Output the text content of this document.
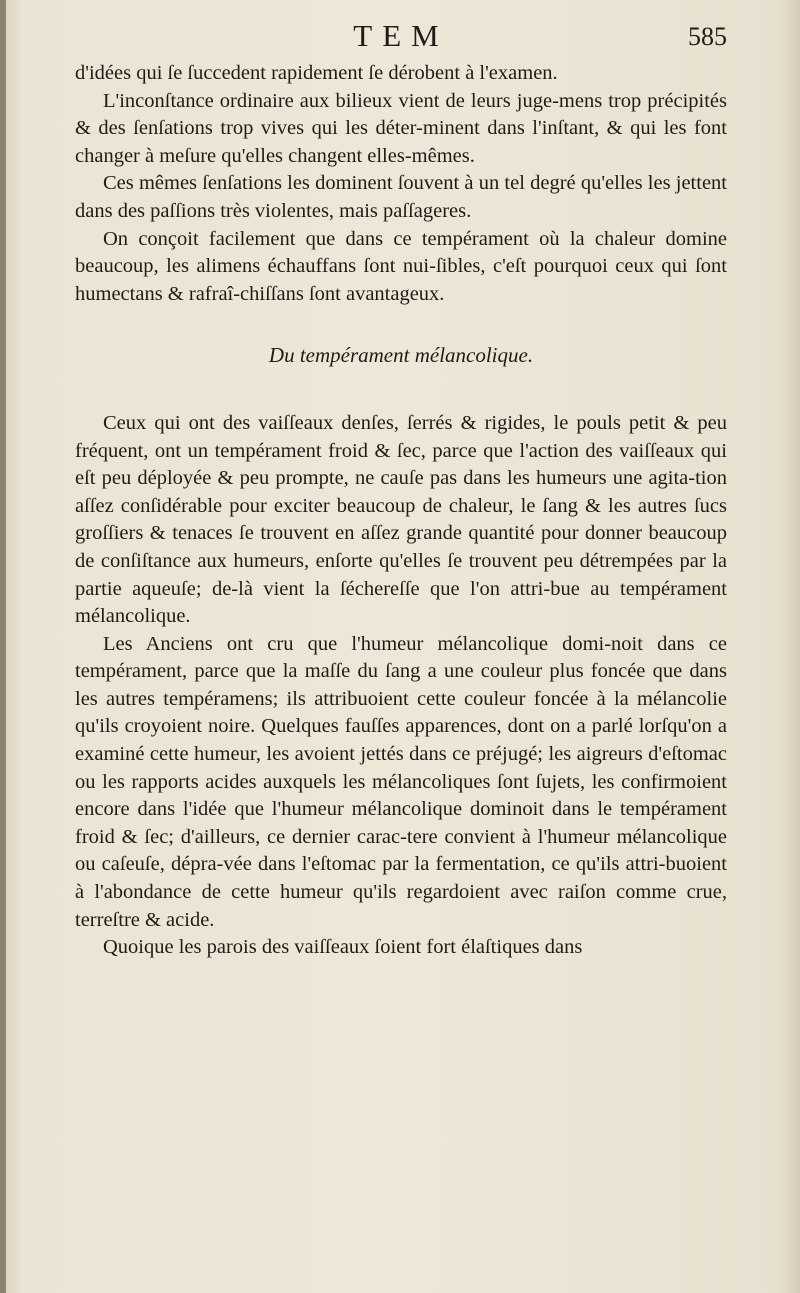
TEM	585

d'idées qui ſe ſuccedent rapidement ſe dérobent à l'examen.

L'inconſtance ordinaire aux bilieux vient de leurs juge-mens trop précipités & des ſenſations trop vives qui les déter-minent dans l'inſtant, & qui les font changer à meſure qu'elles changent elles-mêmes.

Ces mêmes ſenſations les dominent ſouvent à un tel degré qu'elles les jettent dans des paſſions très violentes, mais paſſageres.

On conçoit facilement que dans ce tempérament où la chaleur domine beaucoup, les alimens échauffans ſont nui-ſibles, c'eſt pourquoi ceux qui ſont humectans & rafraî-chiſſans ſont avantageux.

Du tempérament mélancolique.

Ceux qui ont des vaiſſeaux denſes, ſerrés & rigides, le pouls petit & peu fréquent, ont un tempérament froid & ſec, parce que l'action des vaiſſeaux qui eſt peu déployée & peu prompte, ne cauſe pas dans les humeurs une agita-tion aſſez conſidérable pour exciter beaucoup de chaleur, le ſang & les autres ſucs groſſiers & tenaces ſe trouvent en aſſez grande quantité pour donner beaucoup de conſiſtance aux humeurs, enſorte qu'elles ſe trouvent peu détrempées par la partie aqueuſe; de-là vient la ſéchereſſe que l'on attri-bue au tempérament mélancolique.

Les Anciens ont cru que l'humeur mélancolique domi-noit dans ce tempérament, parce que la maſſe du ſang a une couleur plus foncée que dans les autres tempéramens; ils attribuoient cette couleur foncée à la mélancolie qu'ils croyoient noire. Quelques fauſſes apparences, dont on a parlé lorſqu'on a examiné cette humeur, les avoient jettés dans ce préjugé; les aigreurs d'eſtomac ou les rapports acides auxquels les mélancoliques ſont ſujets, les confirmoient encore dans l'idée que l'humeur mélancolique dominoit dans le tempérament froid & ſec; d'ailleurs, ce dernier carac-tere convient à l'humeur mélancolique ou caſeuſe, dépra-vée dans l'eſtomac par la fermentation, ce qu'ils attri-buoient à l'abondance de cette humeur qu'ils regardoient avec raiſon comme crue, terreſtre & acide.

Quoique les parois des vaiſſeaux ſoient fort élaſtiques dans
